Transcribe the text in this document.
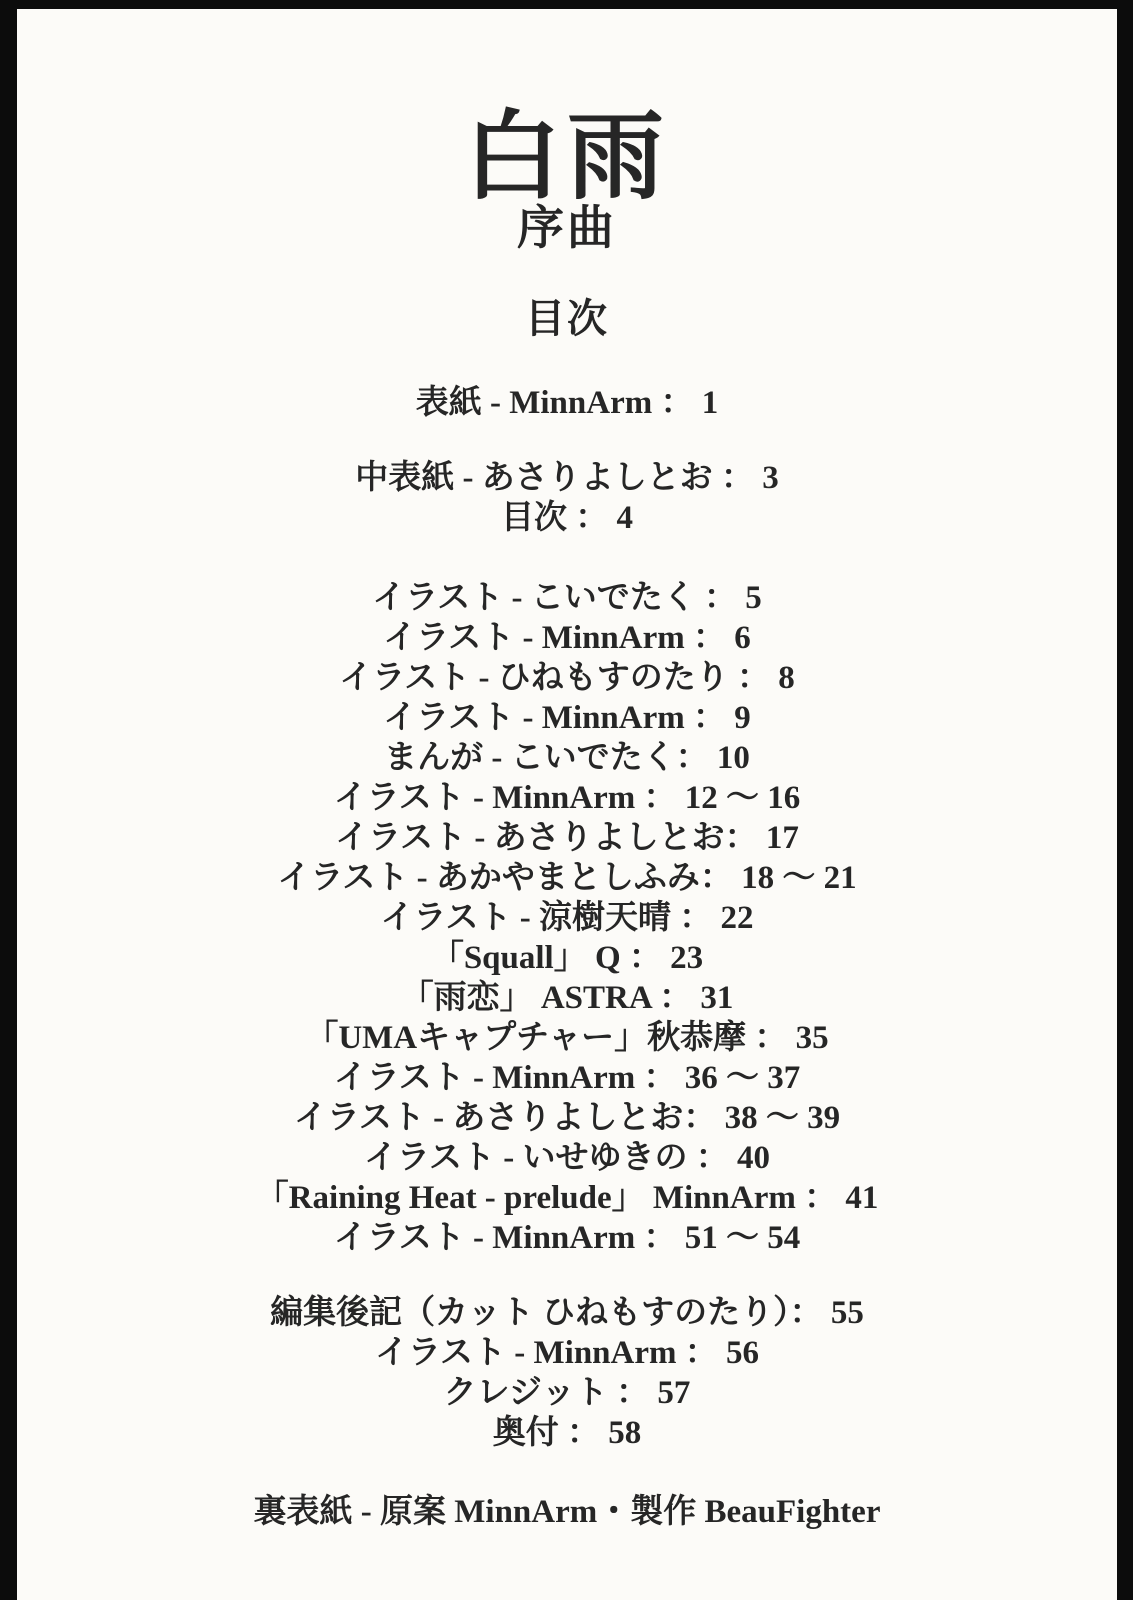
白雨
序曲
目次
表紙 - MinnArm ： 1
中表紙 - あさりよしとお ： 3
目次 ： 4
イラスト - こいでたく ： 5
イラスト - MinnArm ： 6
イラスト - ひねもすのたり ： 8
イラスト - MinnArm ： 9
まんが - こいでたく： 10
イラスト - MinnArm ： 12 ～ 16
イラスト - あさりよしとお： 17
イラスト - あかやまとしふみ： 18 ～ 21
イラスト - 涼樹天晴 ： 22
「Squall」 Q ： 23
「雨恋」 ASTRA ： 31
「UMAキャプチャー」秋恭摩 ： 35
イラスト - MinnArm ： 36 ～ 37
イラスト - あさりよしとお： 38 ～ 39
イラスト - いせゆきの ： 40
「Raining Heat - prelude」 MinnArm ： 41
イラスト - MinnArm ： 51 ～ 54
編集後記（カット ひねもすのたり）： 55
イラスト - MinnArm ： 56
クレジット ： 57
奥付 ： 58
裏表紙 - 原案 MinnArm・製作 BeauFighter
